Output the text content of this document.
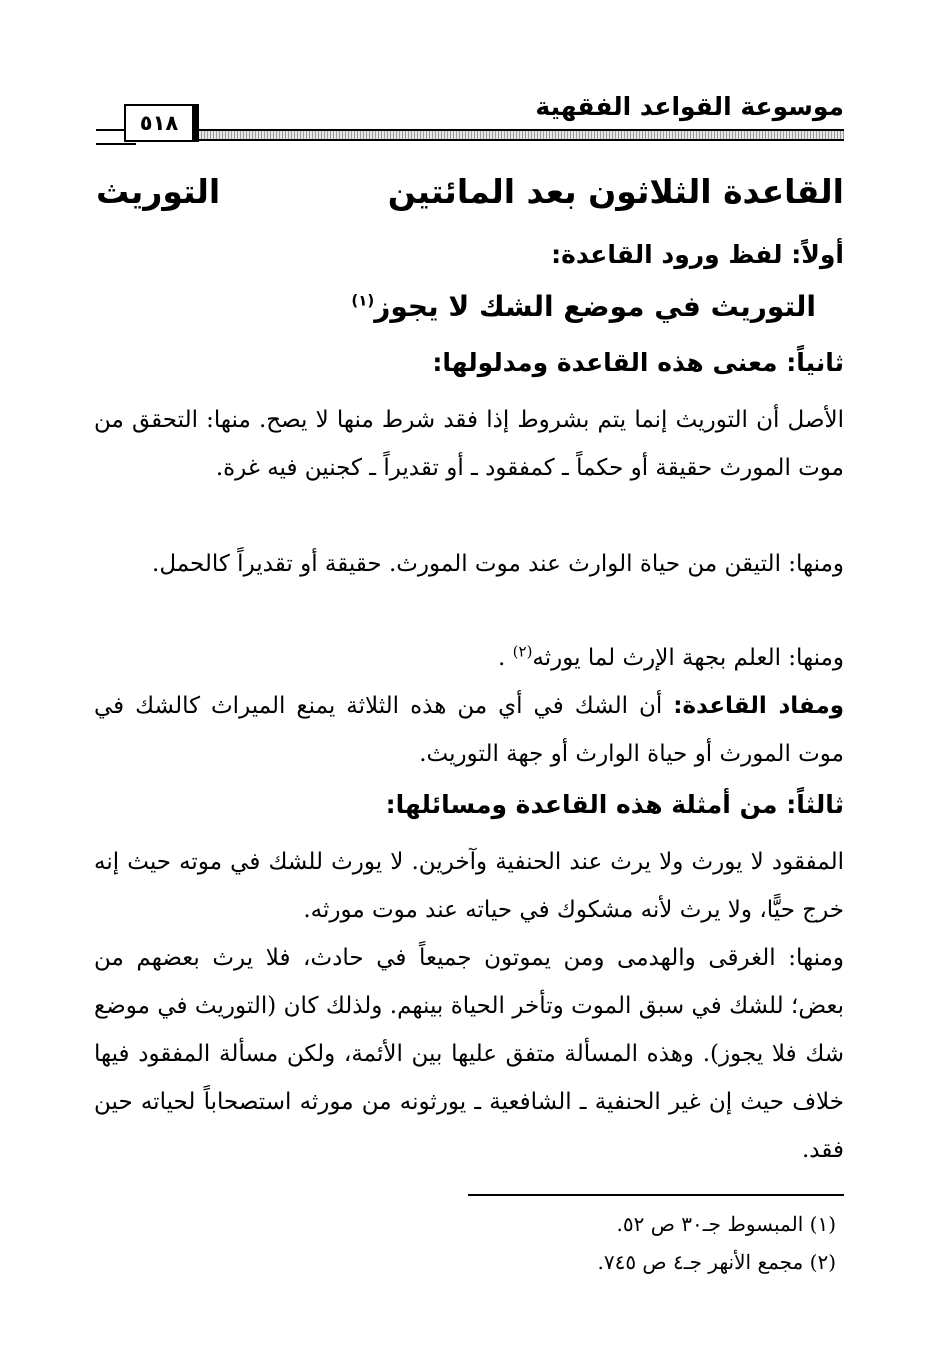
موسوعة القواعد الفقهية
٥١٨
القاعدة الثلاثون بعد المائتين
التوريث
أولاً: لفظ ورود القاعدة:
التوريث في موضع الشك لا يجوز$^{(١)}$
ثانياً: معنى هذه القاعدة ومدلولها:
الأصل أن التوريث إنما يتم بشروط إذا فقد شرط منها لا يصح. منها: التحقق من موت المورث حقيقة أو حكماً ـ كمفقود ـ أو تقديراً ـ كجنين فيه غرة.
ومنها: التيقن من حياة الوارث عند موت المورث. حقيقة أو تقديراً كالحمل.
ومنها: العلم بجهة الإرث لما يورثه$^{(٢)}$ .
ومفاد القاعدة: أن الشك في أي من هذه الثلاثة يمنع الميراث كالشك في موت المورث أو حياة الوارث أو جهة التوريث.
ثالثاً: من أمثلة هذه القاعدة ومسائلها:
المفقود لا يورث ولا يرث عند الحنفية وآخرين. لا يورث للشك في موته حيث إنه خرج حيًّا، ولا يرث لأنه مشكوك في حياته عند موت مورثه.
ومنها: الغرقى والهدمى ومن يموتون جميعاً في حادث، فلا يرث بعضهم من بعض؛ للشك في سبق الموت وتأخر الحياة بينهم. ولذلك كان (التوريث في موضع شك فلا يجوز). وهذه المسألة متفق عليها بين الأئمة، ولكن مسألة المفقود فيها خلاف حيث إن غير الحنفية ـ الشافعية ـ يورثونه من مورثه استصحاباً لحياته حين فقد.
(١) المبسوط جـ٣٠ ص ٥٢.
(٢) مجمع الأنهر جـ٤ ص ٧٤٥.
